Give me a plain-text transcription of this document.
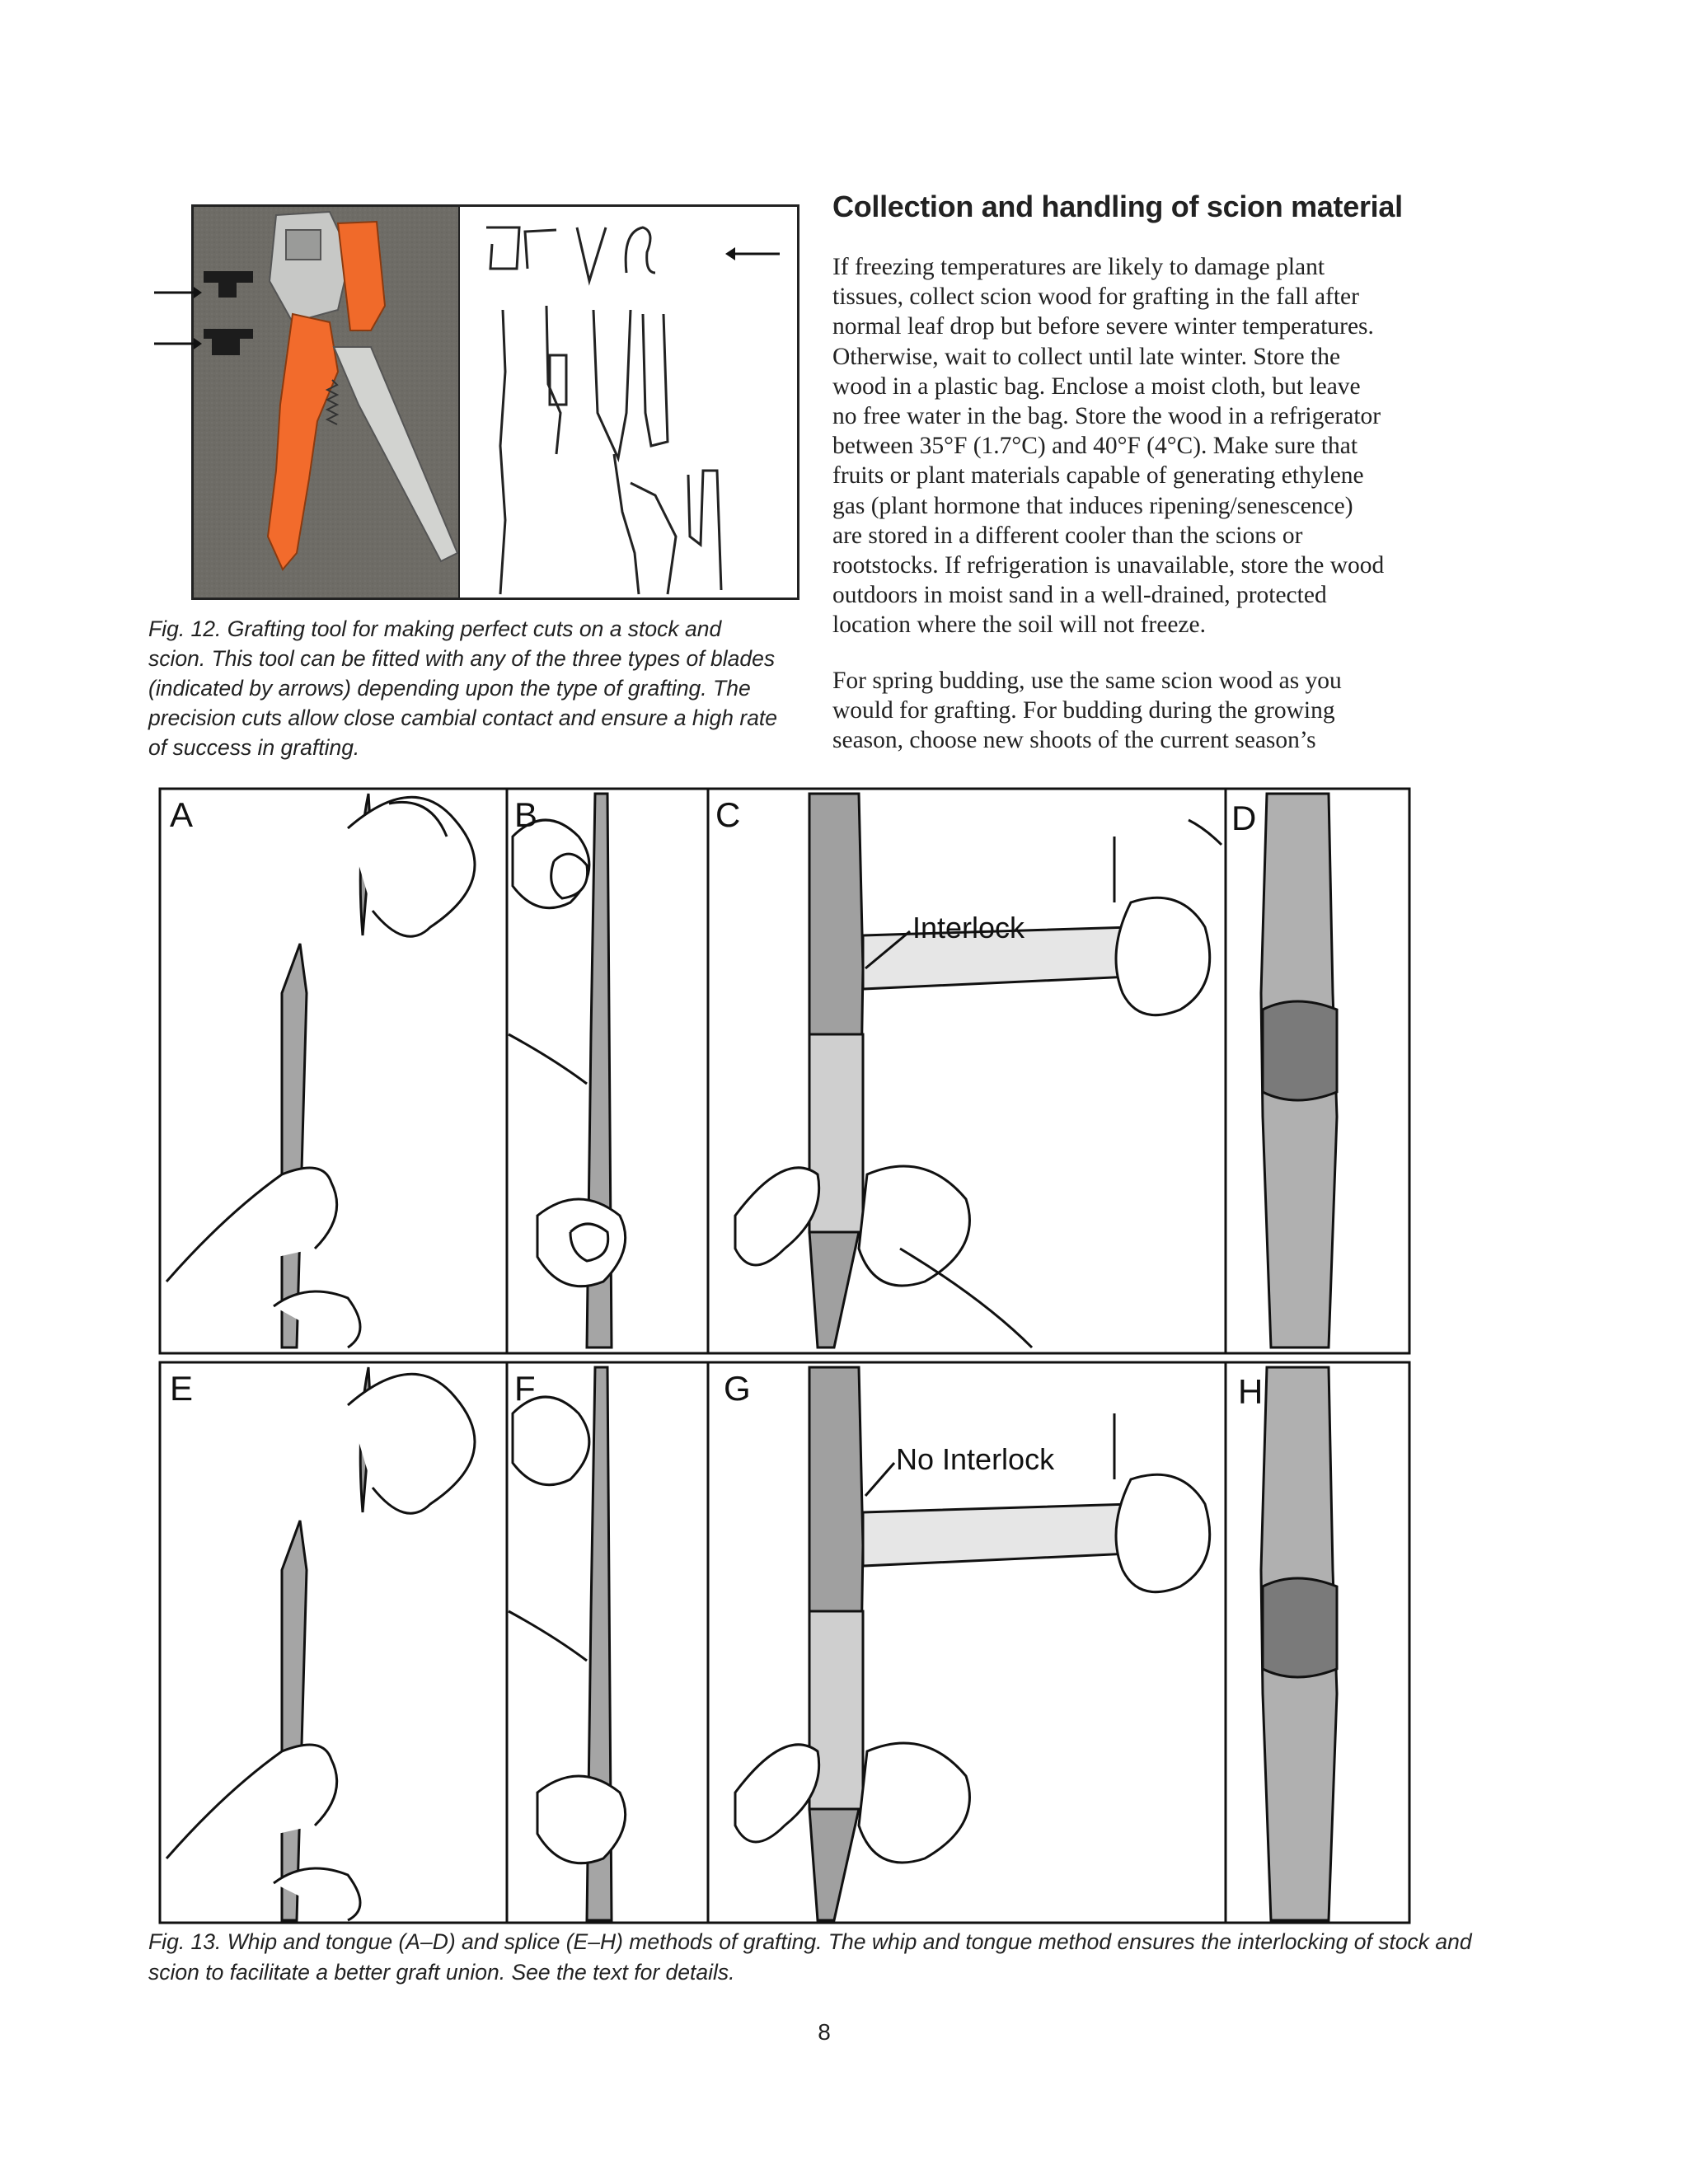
Fig. 12. Grafting tool for making perfect cuts on a stock and
scion. This tool can be fitted with any of the three types of blades
(indicated by arrows) depending upon the type of grafting. The
precision cuts allow close cambial contact and ensure a high rate
of success in grafting.

Collection and handling of scion material

If freezing temperatures are likely to damage plant
tissues, collect scion wood for grafting in the fall after
normal leaf drop but before severe winter temperatures.
Otherwise, wait to collect until late winter. Store the
wood in a plastic bag. Enclose a moist cloth, but leave
no free water in the bag. Store the wood in a refrigerator
between 35°F (1.7°C) and 40°F (4°C). Make sure that
fruits or plant materials capable of generating ethylene
gas (plant hormone that induces ripening/senescence)
are stored in a different cooler than the scions or
rootstocks. If refrigeration is unavailable, store the wood
outdoors in moist sand in a well-drained, protected
location where the soil will not freeze.

For spring budding, use the same scion wood as you
would for grafting. For budding during the growing
season, choose new shoots of the current season’s

A	B	C	D
Interlock
E	F	G	H
No Interlock

Fig. 13. Whip and tongue (A–D) and splice (E–H) methods of grafting. The whip and tongue method ensures the interlocking of stock and
scion to facilitate a better graft union. See the text for details.

8
